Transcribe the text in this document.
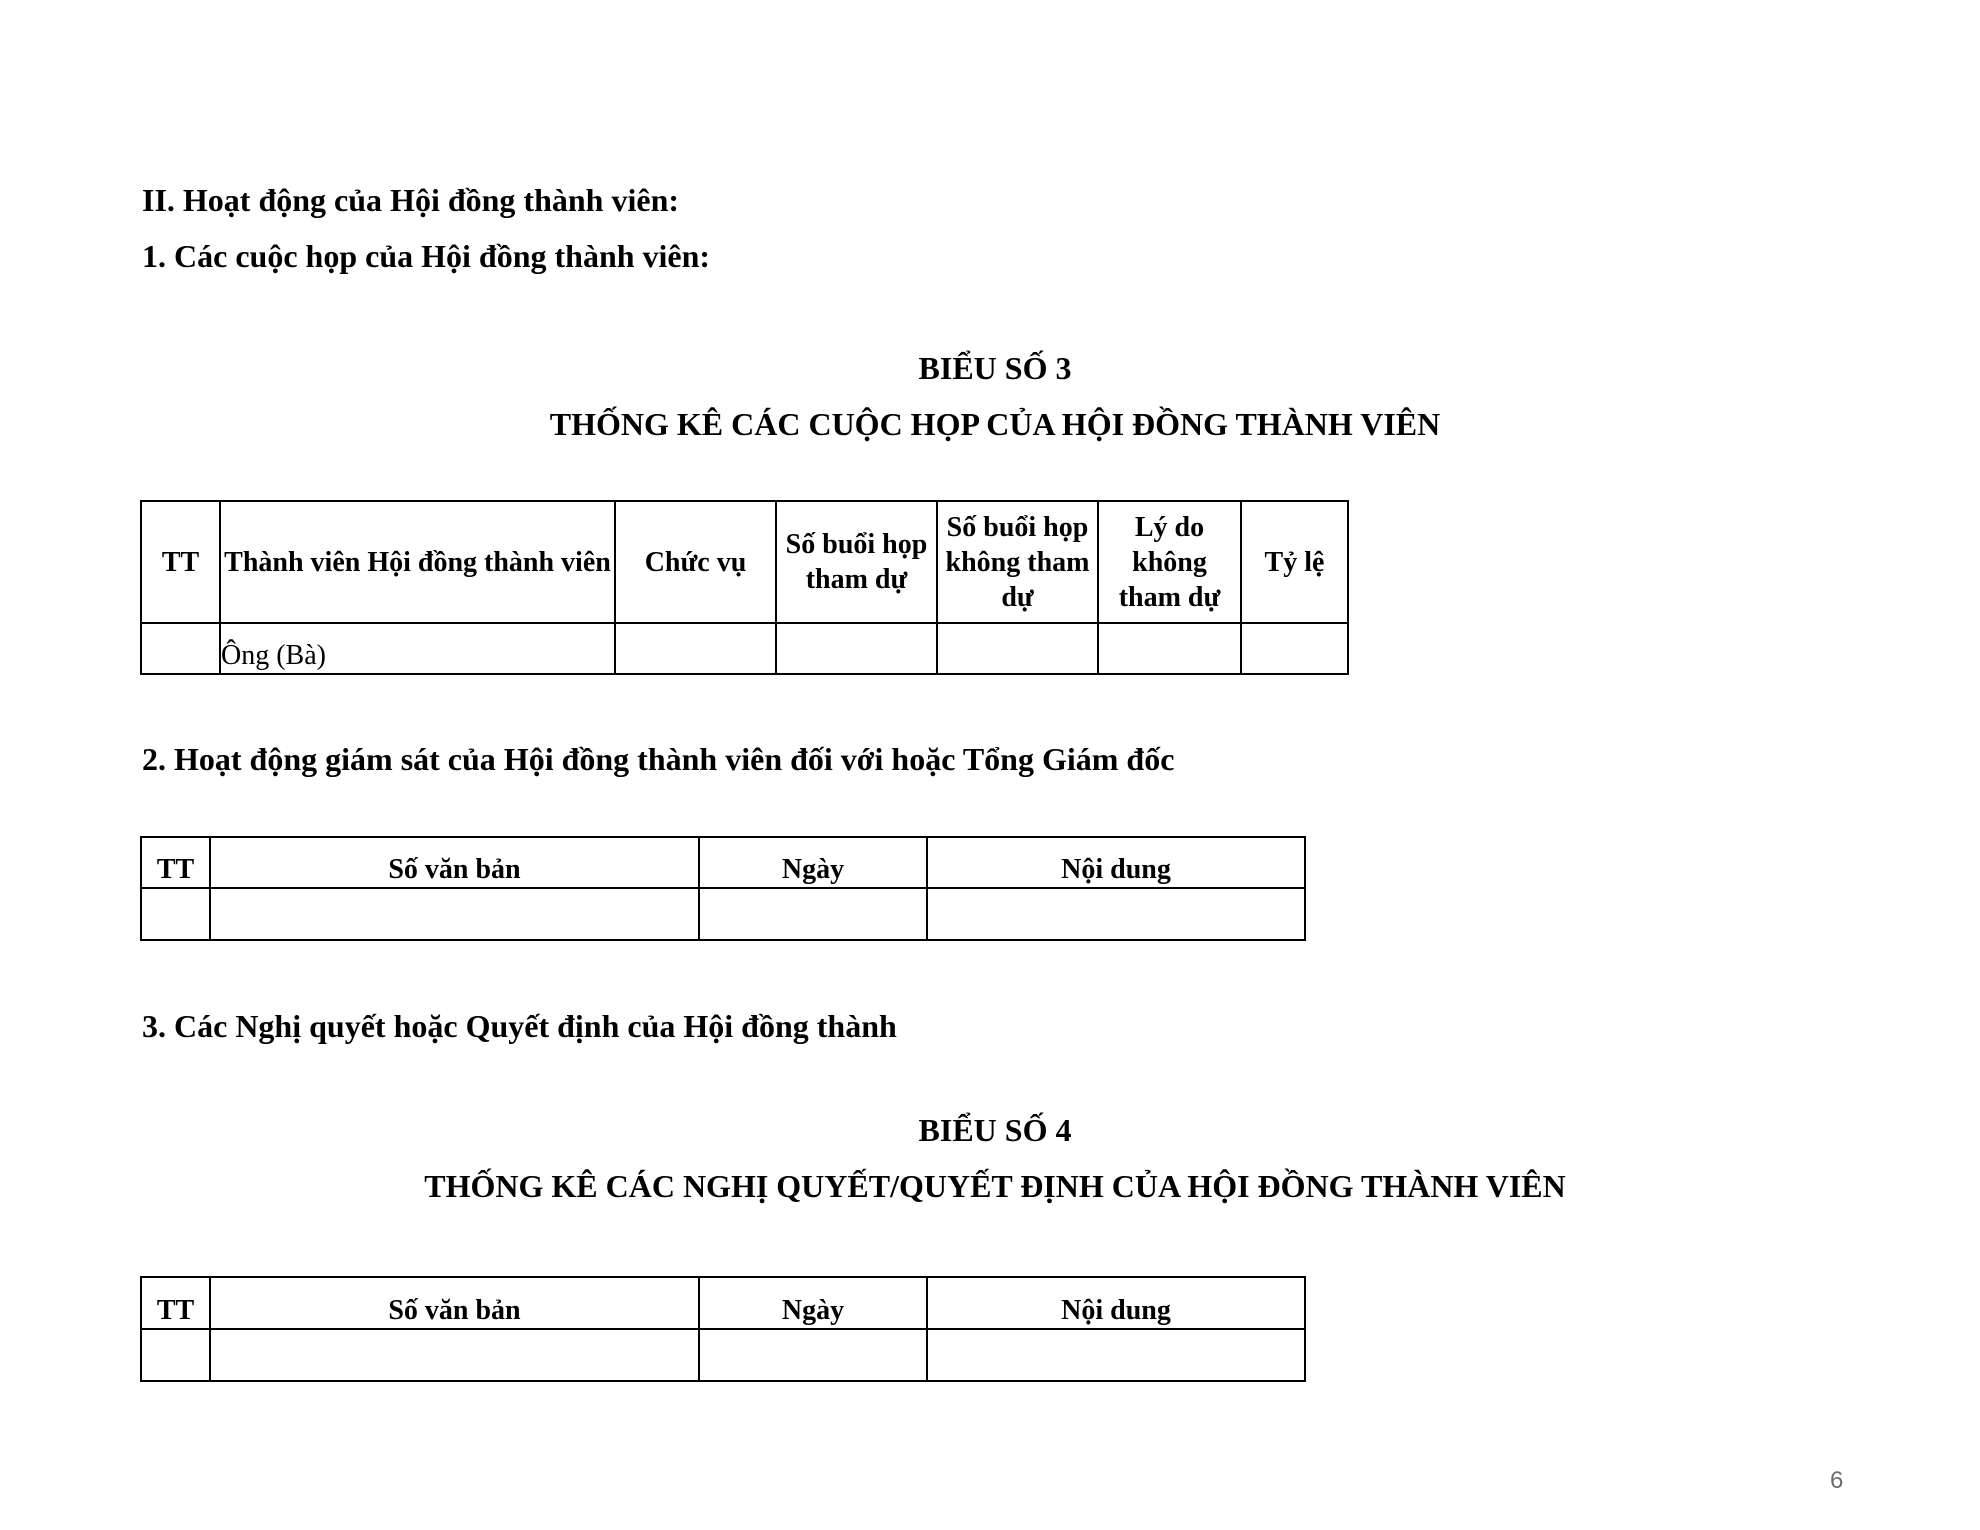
II. Hoạt động của Hội đồng thành viên:
1. Các cuộc họp của Hội đồng thành viên:
BIỂU SỐ 3
THỐNG KÊ CÁC CUỘC HỌP CỦA HỘI ĐỒNG THÀNH VIÊN
TT	Thành viên Hội đồng thành viên	Chức vụ	Số buổi họp tham dự	Số buổi họp không tham dự	Lý do không tham dự	Tỷ lệ
	Ông (Bà)					
2. Hoạt động giám sát của Hội đồng thành viên đối với hoặc Tổng Giám đốc
TT	Số văn bản	Ngày	Nội dung

3. Các Nghị quyết hoặc Quyết định của Hội đồng thành
BIỂU SỐ 4
THỐNG KÊ CÁC NGHỊ QUYẾT/QUYẾT ĐỊNH CỦA HỘI ĐỒNG THÀNH VIÊN
TT	Số văn bản	Ngày	Nội dung

6
